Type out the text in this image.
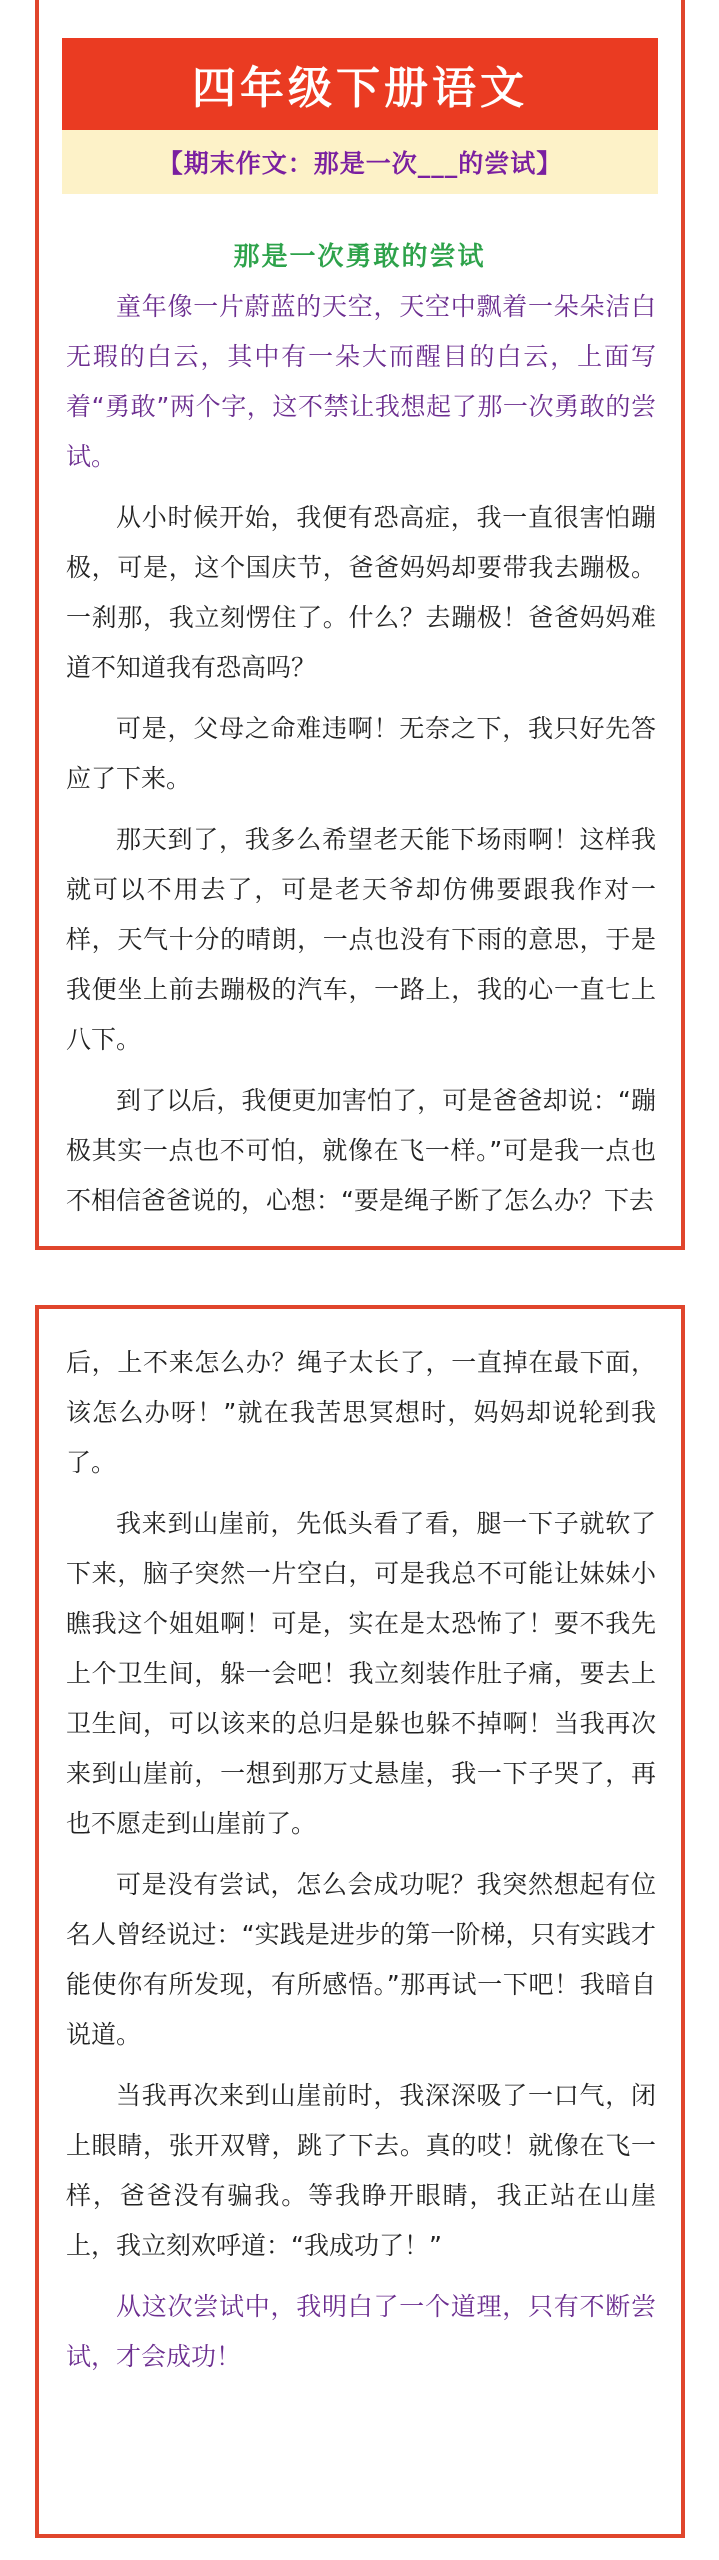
四年级下册语文
【期末作文：那是一次___的尝试】
那是一次勇敢的尝试

童年像一片蔚蓝的天空，天空中飘着一朵朵洁白无瑕的白云，其中有一朵大而醒目的白云，上面写着“勇敢”两个字，这不禁让我想起了那一次勇敢的尝试。

从小时候开始，我便有恐高症，我一直很害怕蹦极，可是，这个国庆节，爸爸妈妈却要带我去蹦极。一刹那，我立刻愣住了。什么？去蹦极！爸爸妈妈难道不知道我有恐高吗？

可是，父母之命难违啊！无奈之下，我只好先答应了下来。

那天到了，我多么希望老天能下场雨啊！这样我就可以不用去了，可是老天爷却仿佛要跟我作对一样，天气十分的晴朗，一点也没有下雨的意思，于是我便坐上前去蹦极的汽车，一路上，我的心一直七上八下。

到了以后，我便更加害怕了，可是爸爸却说：“蹦极其实一点也不可怕，就像在飞一样。”可是我一点也不相信爸爸说的，心想：“要是绳子断了怎么办？下去

后，上不来怎么办？绳子太长了，一直掉在最下面，该怎么办呀！”就在我苦思冥想时，妈妈却说轮到我了。

我来到山崖前，先低头看了看，腿一下子就软了下来，脑子突然一片空白，可是我总不可能让妹妹小瞧我这个姐姐啊！可是，实在是太恐怖了！要不我先上个卫生间，躲一会吧！我立刻装作肚子痛，要去上卫生间，可以该来的总归是躲也躲不掉啊！当我再次来到山崖前，一想到那万丈悬崖，我一下子哭了，再也不愿走到山崖前了。

可是没有尝试，怎么会成功呢？我突然想起有位名人曾经说过：“实践是进步的第一阶梯，只有实践才能使你有所发现，有所感悟。”那再试一下吧！我暗自说道。

当我再次来到山崖前时，我深深吸了一口气，闭上眼睛，张开双臂，跳了下去。真的哎！就像在飞一样，爸爸没有骗我。等我睁开眼睛，我正站在山崖上，我立刻欢呼道：“我成功了！”

从这次尝试中，我明白了一个道理，只有不断尝试，才会成功！
